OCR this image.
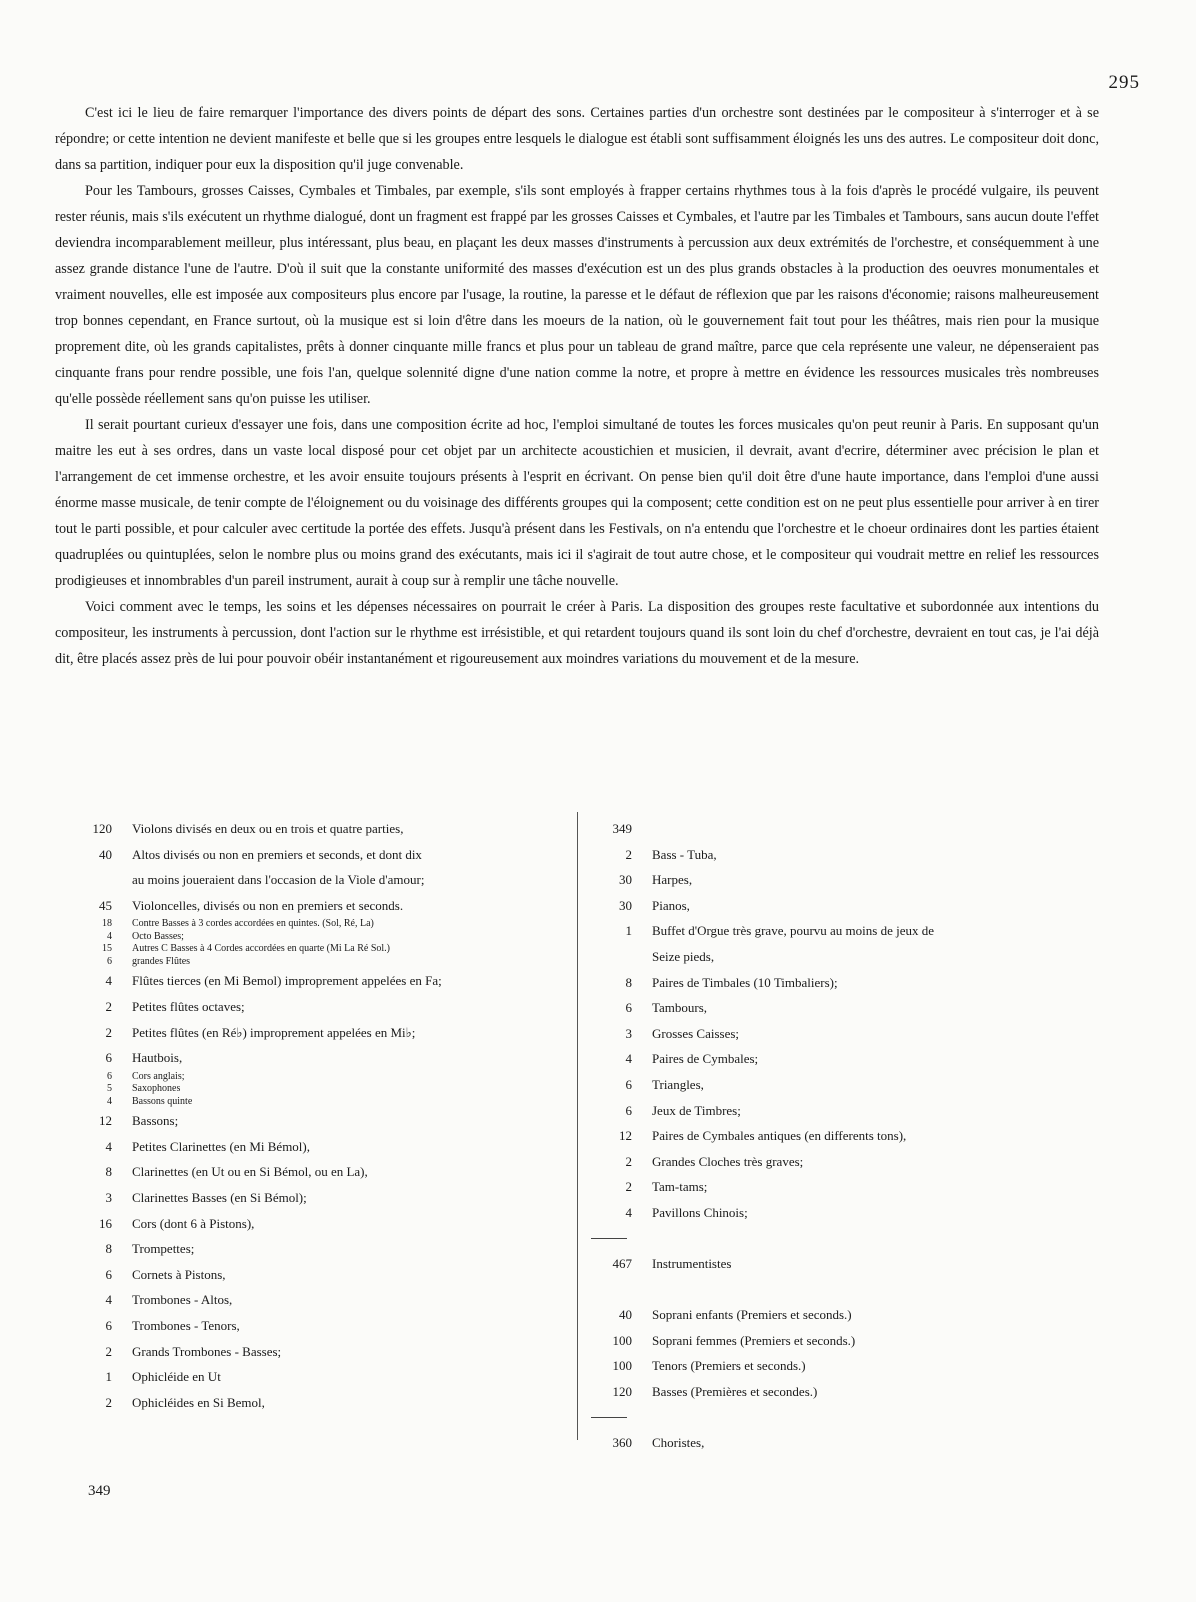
295

C'est ici le lieu de faire remarquer l'importance des divers points de départ des sons. Certaines parties d'un orchestre sont destinées par le compositeur à s'interroger et à se répondre; or cette intention ne devient manifeste et belle que si les groupes entre lesquels le dialogue est établi sont suffisamment éloignés les uns des autres. Le compositeur doit donc, dans sa partition, indiquer pour eux la disposition qu'il juge convenable.

Pour les Tambours, grosses Caisses, Cymbales et Timbales, par exemple, s'ils sont employés à frapper certains rhythmes tous à la fois d'après le procédé vulgaire, ils peuvent rester réunis, mais s'ils exécutent un rhythme dialogué, dont un fragment est frappé par les grosses Caisses et Cymbales, et l'autre par les Timbales et Tambours, sans aucun doute l'effet deviendra incomparablement meilleur, plus intéressant, plus beau, en plaçant les deux masses d'instruments à percussion aux deux extrémités de l'orchestre, et conséquemment à une assez grande distance l'une de l'autre. D'où il suit que la constante uniformité des masses d'exécution est un des plus grands obstacles à la production des oeuvres monumentales et vraiment nouvelles, elle est imposée aux compositeurs plus encore par l'usage, la routine, la paresse et le défaut de réflexion que par les raisons d'économie; raisons malheureusement trop bonnes cependant, en France surtout, où la musique est si loin d'être dans les moeurs de la nation, où le gouvernement fait tout pour les théâtres, mais rien pour la musique proprement dite, où les grands capitalistes, prêts à donner cinquante mille francs et plus pour un tableau de grand maître, parce que cela représente une valeur, ne dépenseraient pas cinquante frans pour rendre possible, une fois l'an, quelque solennité digne d'une nation comme la notre, et propre à mettre en évidence les ressources musicales très nombreuses qu'elle possède réellement sans qu'on puisse les utiliser.

Il serait pourtant curieux d'essayer une fois, dans une composition écrite ad hoc, l'emploi simultané de toutes les forces musicales qu'on peut reunir à Paris. En supposant qu'un maitre les eut à ses ordres, dans un vaste local disposé pour cet objet par un architecte acoustichien et musicien, il devrait, avant d'ecrire, déterminer avec précision le plan et l'arrangement de cet immense orchestre, et les avoir ensuite toujours présents à l'esprit en écrivant. On pense bien qu'il doit être d'une haute importance, dans l'emploi d'une aussi énorme masse musicale, de tenir compte de l'éloignement ou du voisinage des différents groupes qui la composent; cette condition est on ne peut plus essentielle pour arriver à en tirer tout le parti possible, et pour calculer avec certitude la portée des effets. Jusqu'à présent dans les Festivals, on n'a entendu que l'orchestre et le choeur ordinaires dont les parties étaient quadruplées ou quintuplées, selon le nombre plus ou moins grand des exécutants, mais ici il s'agirait de tout autre chose, et le compositeur qui voudrait mettre en relief les ressources prodigieuses et innombrables d'un pareil instrument, aurait à coup sur à remplir une tâche nouvelle.

Voici comment avec le temps, les soins et les dépenses nécessaires on pourrait le créer à Paris. La disposition des groupes reste facultative et subordonnée aux intentions du compositeur, les instruments à percussion, dont l'action sur le rhythme est irrésistible, et qui retardent toujours quand ils sont loin du chef d'orchestre, devraient en tout cas, je l'ai déjà dit, être placés assez près de lui pour pouvoir obéir instantanément et rigoureusement aux moindres variations du mouvement et de la mesure.

120 Violons divisés en deux ou en trois et quatre parties,
40 Altos divisés ou non en premiers et seconds, et dont dix
au moins joueraient dans l'occasion de la Viole d'amour;
45 Violoncelles, divisés ou non en premiers et seconds.
18 Contre Basses à 3 cordes accordées en quintes. (Sol, Ré, La)
4 Octo Basses;
15 Autres C Basses à 4 Cordes accordées en quarte (Mi La Ré Sol.)
6 grandes Flûtes
4 Flûtes tierces (en Mi Bemol) improprement appelées en Fa;
2 Petites flûtes octaves;
2 Petites flûtes (en Ré♭) improprement appelées en Mi♭;
6 Hautbois,
6 Cors anglais;
5 Saxophones
4 Bassons quinte
12 Bassons;
4 Petites Clarinettes (en Mi Bémol),
8 Clarinettes (en Ut ou en Si Bémol, ou en La),
3 Clarinettes Basses (en Si Bémol);
16 Cors (dont 6 à Pistons),
8 Trompettes;
6 Cornets à Pistons,
4 Trombones - Altos,
6 Trombones - Tenors,
2 Grands Trombones - Basses;
1 Ophicléide en Ut
2 Ophicléides en Si Bemol,
349
2 Bass - Tuba,
30 Harpes,
30 Pianos,
1 Buffet d'Orgue très grave, pourvu au moins de jeux de
Seize pieds,
8 Paires de Timbales (10 Timbaliers);
6 Tambours,
3 Grosses Caisses;
4 Paires de Cymbales;
6 Triangles,
6 Jeux de Timbres;
12 Paires de Cymbales antiques (en differents tons),
2 Grandes Cloches très graves;
2 Tam-tams;
4 Pavillons Chinois;
467 Instrumentistes
40 Soprani enfants (Premiers et seconds.)
100 Soprani femmes (Premiers et seconds.)
100 Tenors (Premiers et seconds.)
120 Basses (Premières et secondes.)
360 Choristes,
349
